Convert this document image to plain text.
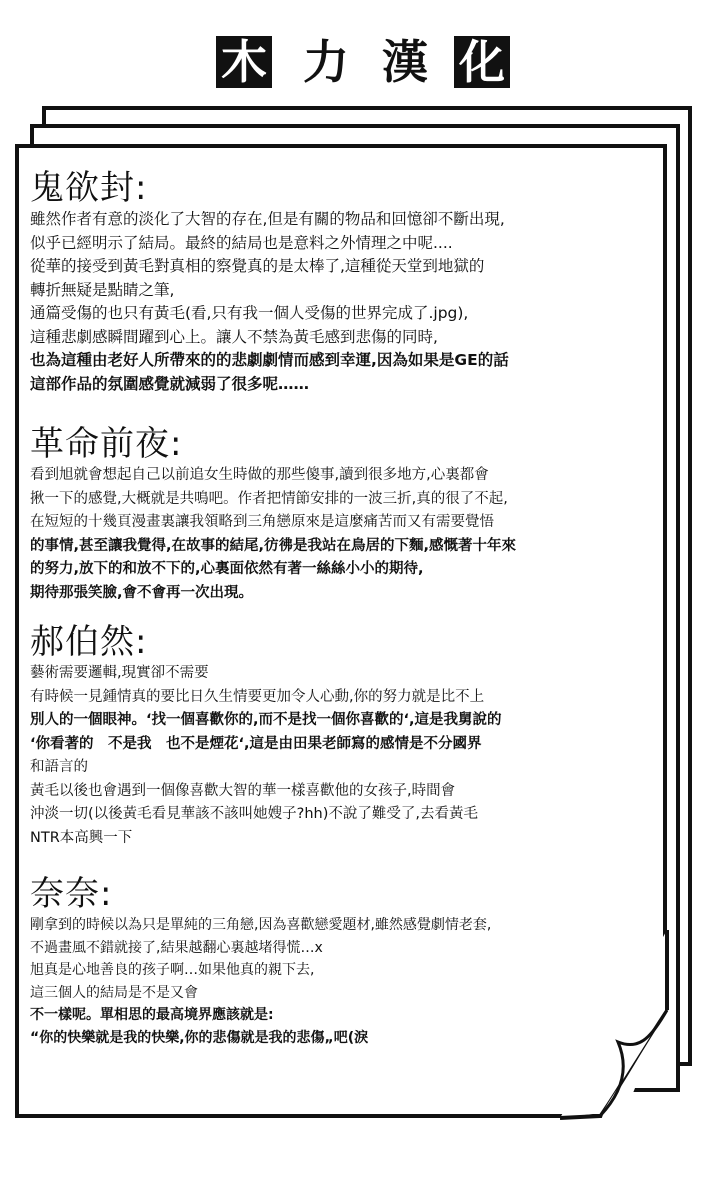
木 力 漢 化
鬼欲封:
雖然作者有意的淡化了大智的存在,但是有關的物品和回憶卻不斷出現,
似乎已經明示了結局。最終的結局也是意料之外情理之中呢....
從華的接受到黃毛對真相的察覺真的是太棒了,這種從天堂到地獄的
轉折無疑是點睛之筆,
通篇受傷的也只有黃毛(看,只有我一個人受傷的世界完成了.jpg),
這種悲劇感瞬間躍到心上。讓人不禁為黃毛感到悲傷的同時,
也為這種由老好人所帶來的的悲劇劇情而感到幸運,因為如果是GE的話
這部作品的氛圍感覺就減弱了很多呢……
革命前夜:
看到旭就會想起自己以前追女生時做的那些傻事,讀到很多地方,心裏都會
揪一下的感覺,大概就是共鳴吧。作者把情節安排的一波三折,真的很了不起,
在短短的十幾頁漫畫裏讓我領略到三角戀原來是這麼痛苦而又有需要覺悟
的事情,甚至讓我覺得,在故事的結尾,彷彿是我站在鳥居的下麵,感慨著十年來
的努力,放下的和放不下的,心裏面依然有著一絲絲小小的期待,
期待那張笑臉,會不會再一次出現。
郝伯然:
藝術需要邏輯,現實卻不需要
有時候一見鍾情真的要比日久生情要更加令人心動,你的努力就是比不上
別人的一個眼神。‘找一個喜歡你的,而不是找一個你喜歡的‘,這是我舅說的
‘你看著的　不是我　也不是煙花‘,這是由田果老師寫的感情是不分國界
和語言的
黃毛以後也會遇到一個像喜歡大智的華一樣喜歡他的女孩子,時間會
沖淡一切(以後黃毛看見華該不該叫她嫂子?hh)不說了難受了,去看黃毛
NTR本高興一下
奈奈:
剛拿到的時候以為只是單純的三角戀,因為喜歡戀愛題材,雖然感覺劇情老套,
不過畫風不錯就接了,結果越翻心裏越堵得慌…x
旭真是心地善良的孩子啊…如果他真的親下去,
這三個人的結局是不是又會
不一樣呢。單相思的最高境界應該就是:
“你的快樂就是我的快樂,你的悲傷就是我的悲傷„吧(淚
